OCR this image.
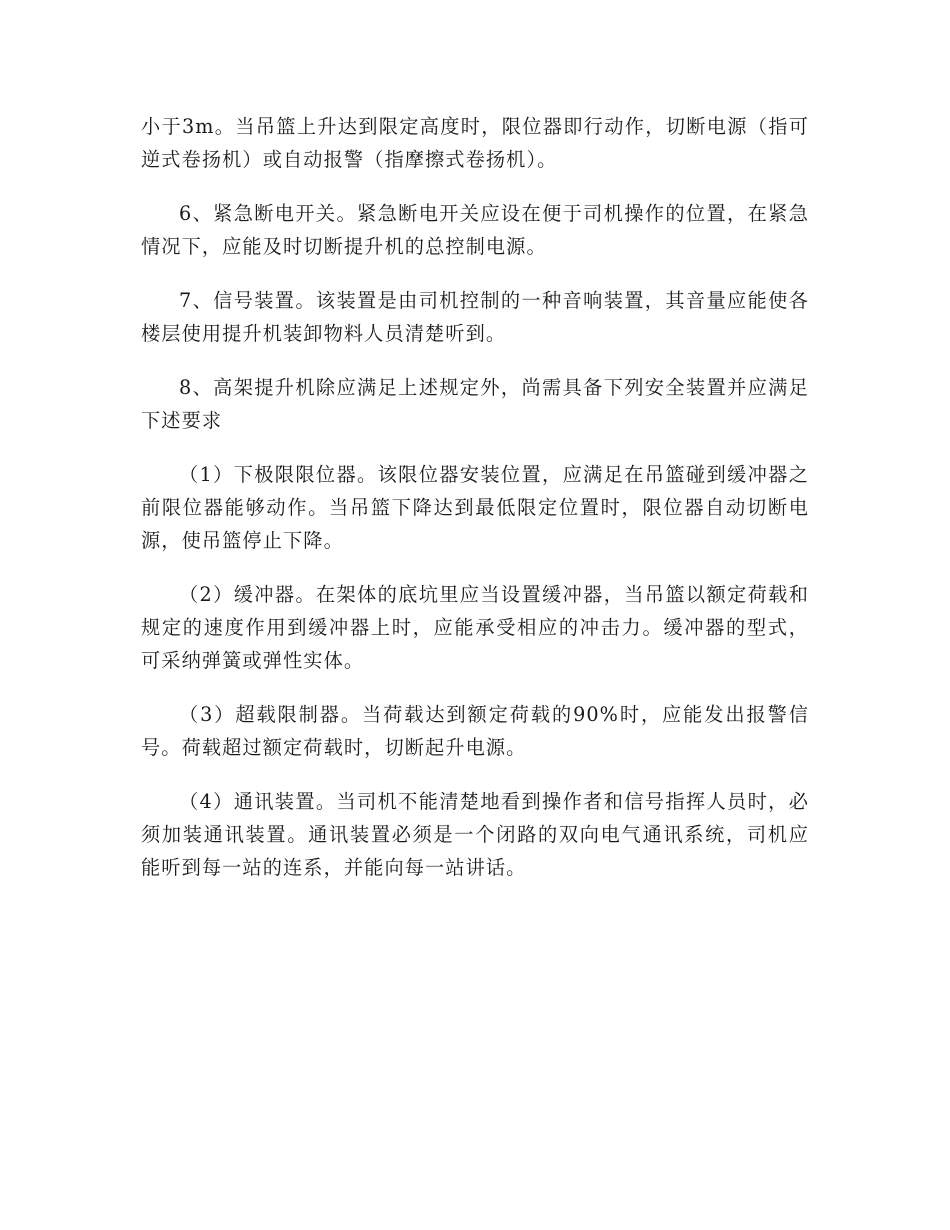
小于3m。当吊篮上升达到限定高度时，限位器即行动作，切断电源（指可逆式卷扬机）或自动报警（指摩擦式卷扬机）。

6、紧急断电开关。紧急断电开关应设在便于司机操作的位置，在紧急情况下，应能及时切断提升机的总控制电源。

7、信号装置。该装置是由司机控制的一种音响装置，其音量应能使各楼层使用提升机装卸物料人员清楚听到。

8、高架提升机除应满足上述规定外，尚需具备下列安全装置并应满足下述要求

（1）下极限限位器。该限位器安装位置，应满足在吊篮碰到缓冲器之前限位器能够动作。当吊篮下降达到最低限定位置时，限位器自动切断电源，使吊篮停止下降。

（2）缓冲器。在架体的底坑里应当设置缓冲器，当吊篮以额定荷载和规定的速度作用到缓冲器上时，应能承受相应的冲击力。缓冲器的型式，可采纳弹簧或弹性实体。

（3）超载限制器。当荷载达到额定荷载的90%时，应能发出报警信号。荷载超过额定荷载时，切断起升电源。

（4）通讯装置。当司机不能清楚地看到操作者和信号指挥人员时，必须加装通讯装置。通讯装置必须是一个闭路的双向电气通讯系统，司机应能听到每一站的连系，并能向每一站讲话。
